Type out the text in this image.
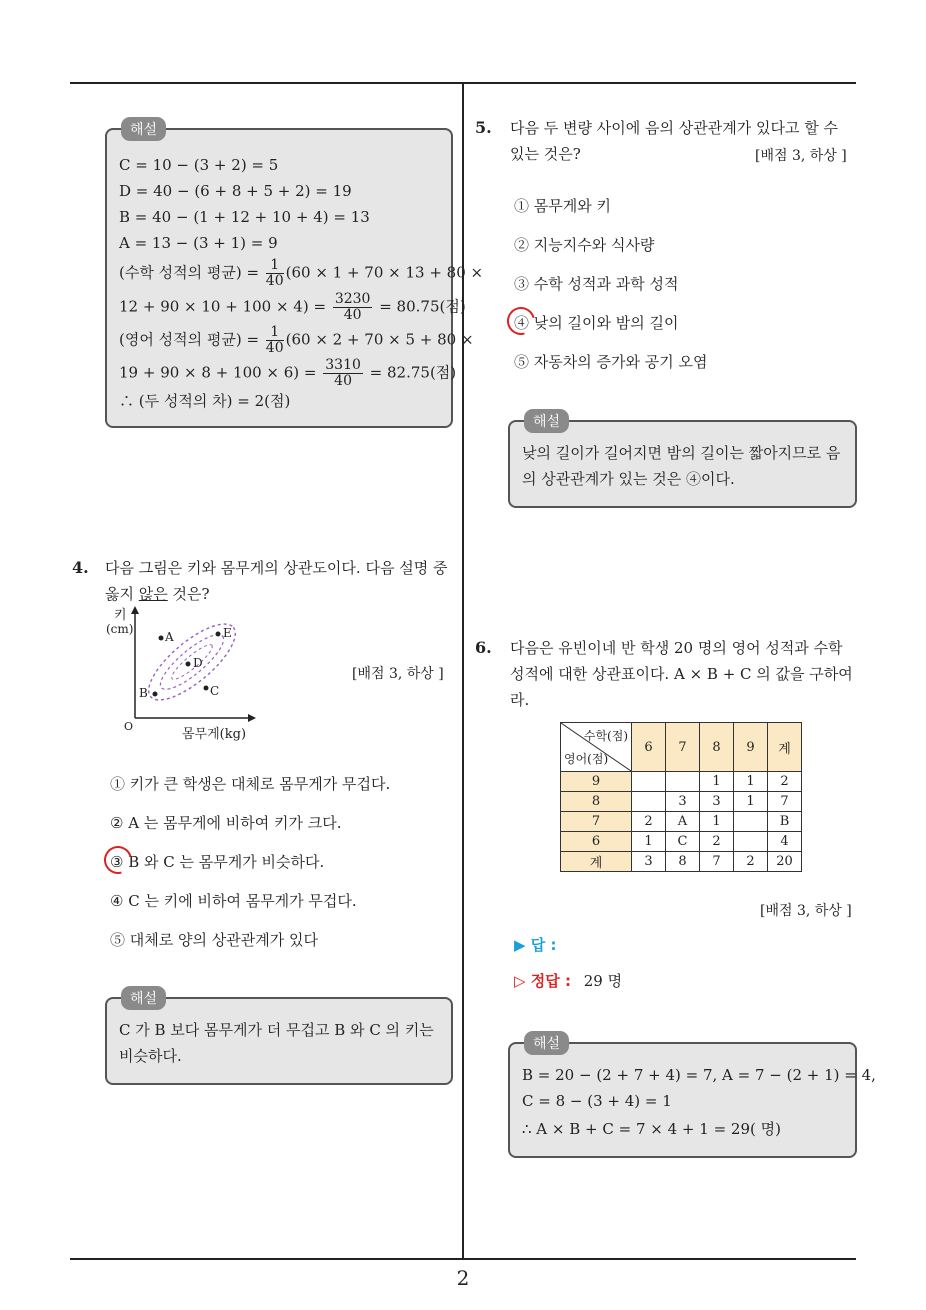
2
해설
C = 10 − (3 + 2) = 5
D = 40 − (6 + 8 + 5 + 2) = 19
B = 40 − (1 + 12 + 10 + 4) = 13
A = 13 − (3 + 1) = 9
(수학 성적의 평균) = $\frac{1}{40} (60 \times 1 + 70 \times 13 + 80$ ×
$12 + 90 \times 10 + 100 \times 4) = \frac{3230}{40} = 80.75$(점)
(영어 성적의 평균) = $\frac{1}{40} (60 \times 2 + 70 \times 5 + 80$ ×
$19 + 90 \times 8 + 100 \times 6) = \frac{3310}{40} = 82.75$(점)
∴ (두 성적의 차) = 2(점)
4. 다음 그림은 키와 몸무게의 상관도이다. 다음 설명 중
옳지 않은 것은?
키
(cm)
몸무게(kg)
O
A	E
D
B	C
[배점 3, 하상 ]
① 키가 큰 학생은 대체로 몸무게가 무겁다.
② A 는 몸무게에 비하여 키가 크다.
③ B 와 C 는 몸무게가 비슷하다.
④ C 는 키에 비하여 몸무게가 무겁다.
⑤ 대체로 양의 상관관계가 있다
해설
C 가 B 보다 몸무게가 더 무겁고 B 와 C 의 키는
비슷하다.
5. 다음 두 변량 사이에 음의 상관관계가 있다고 할 수
있는 것은?	[배점 3, 하상 ]
① 몸무게와 키
② 지능지수와 식사량
③ 수학 성적과 과학 성적
④ 낮의 길이와 밤의 길이
⑤ 자동차의 증가와 공기 오염
해설
낮의 길이가 길어지면 밤의 길이는 짧아지므로 음
의 상관관계가 있는 것은 ④이다.
6. 다음은 유빈이네 반 학생 20 명의 영어 성적과 수학
성적에 대한 상관표이다. A × B + C 의 값을 구하여라.
수학(점)
영어(점)	6	7	8	9	계
9			1	1	2
8		3	3	1	7
7	2	A	1		B
6	1	C	2		4
계	3	8	7	2	20
[배점 3, 하상 ]
▶ 답 :
▷ 정답 : 29 명
해설
B = 20 − (2 + 7 + 4) = 7, A = 7 − (2 + 1) = 4,
C = 8 − (3 + 4) = 1
∴ A × B + C = 7 × 4 + 1 = 29( 명)
